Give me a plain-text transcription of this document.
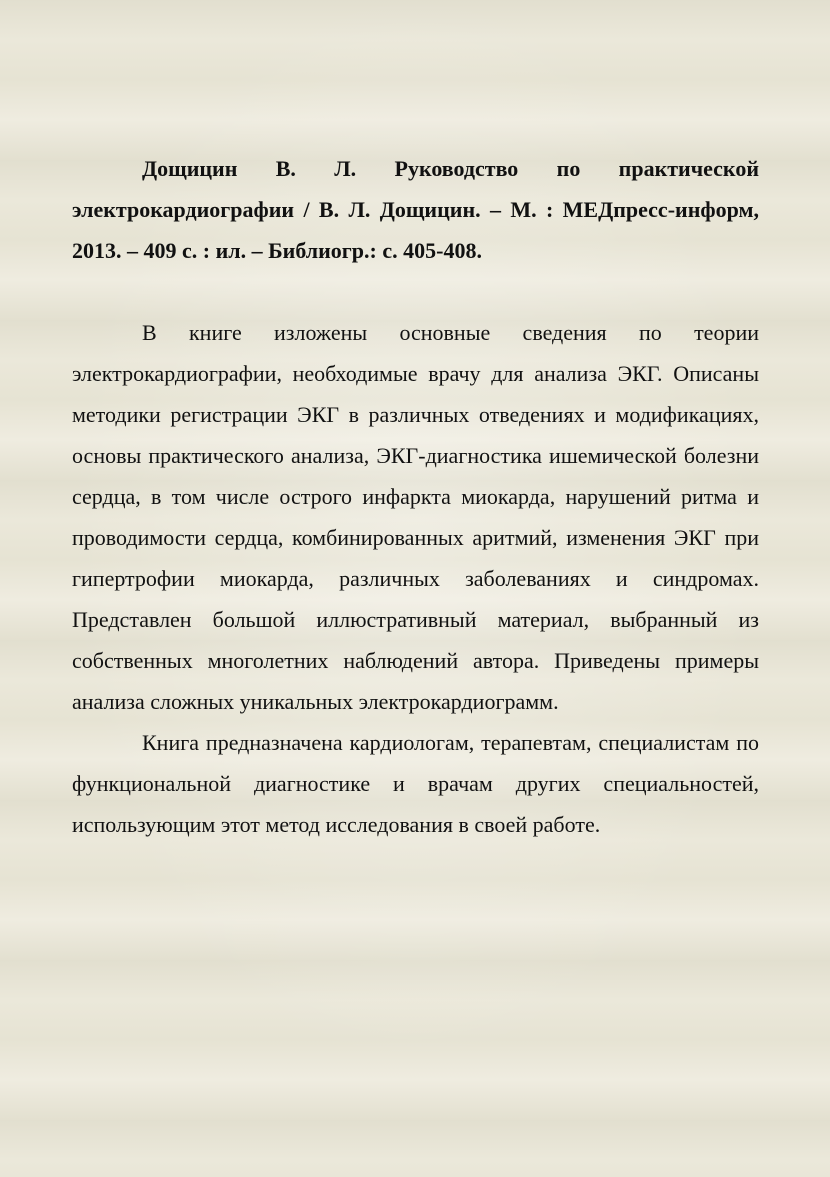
Дощицин В. Л. Руководство по практической электрокардиографии / В. Л. Дощицин. – М. : МЕДпресс-информ, 2013. – 409 с. : ил. – Библиогр.: с. 405-408.

В книге изложены основные сведения по теории электрокардиографии, необходимые врачу для анализа ЭКГ. Описаны методики регистрации ЭКГ в различных отведениях и модификациях, основы практического анализа, ЭКГ-диагностика ишемической болезни сердца, в том числе острого инфаркта миокарда, нарушений ритма и проводимости сердца, комбинированных аритмий, изменения ЭКГ при гипертрофии миокарда, различных заболеваниях и синдромах. Представлен большой иллюстративный материал, выбранный из собственных многолетних наблюдений автора. Приведены примеры анализа сложных уникальных электрокардиограмм.

Книга предназначена кардиологам, терапевтам, специалистам по функциональной диагностике и врачам других специальностей, использующим этот метод исследования в своей работе.
